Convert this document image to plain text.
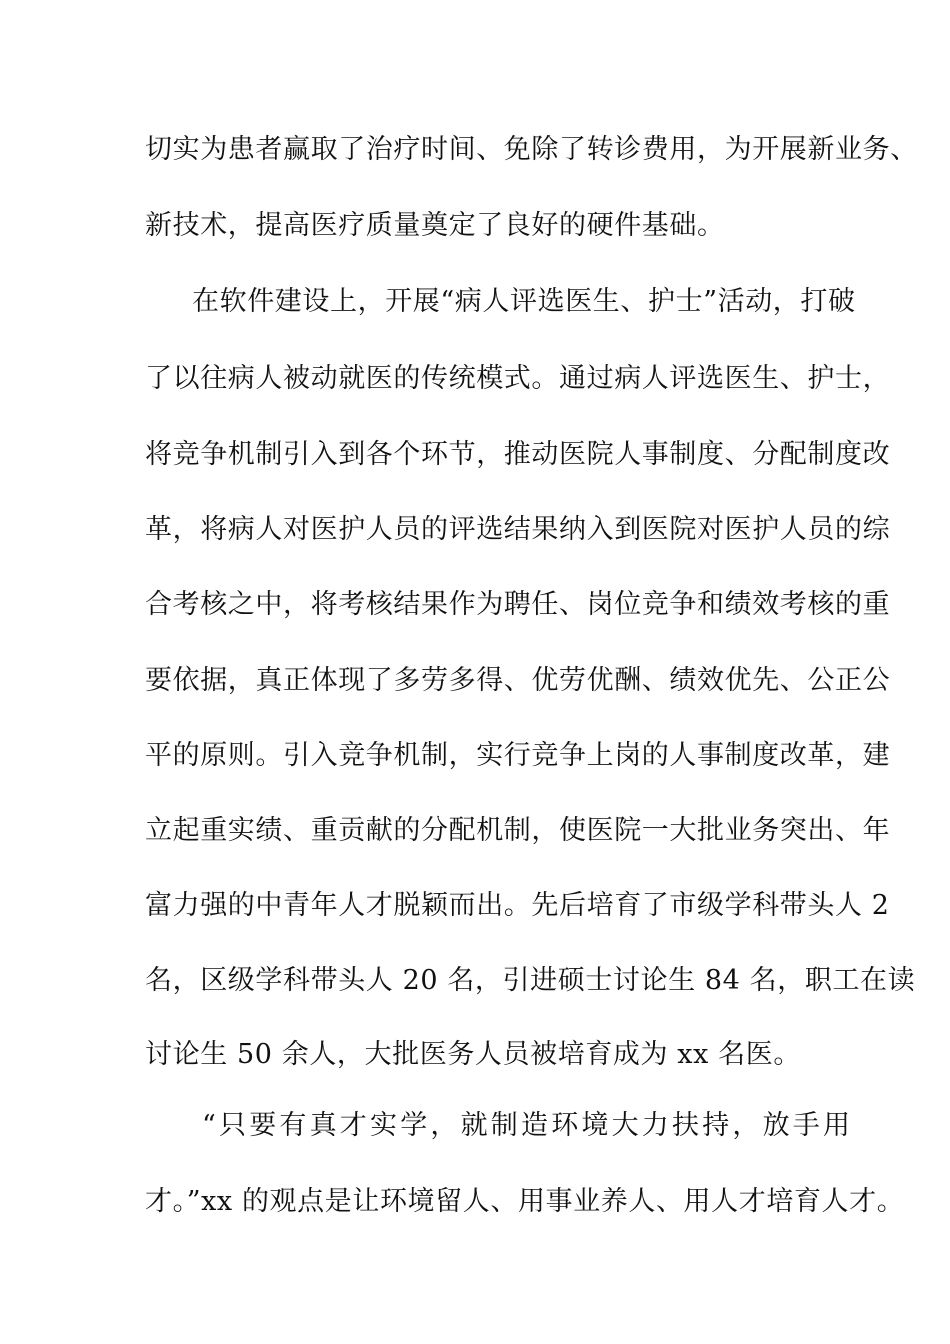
切实为患者赢取了治疗时间、免除了转诊费用，为开展新业务、
新技术，提高医疗质量奠定了良好的硬件基础。
在软件建设上，开展“病人评选医生、护士”活动，打破
了以往病人被动就医的传统模式。通过病人评选医生、护士，
将竞争机制引入到各个环节，推动医院人事制度、分配制度改
革，将病人对医护人员的评选结果纳入到医院对医护人员的综
合考核之中，将考核结果作为聘任、岗位竞争和绩效考核的重
要依据，真正体现了多劳多得、优劳优酬、绩效优先、公正公
平的原则。引入竞争机制，实行竞争上岗的人事制度改革，建
立起重实绩、重贡献的分配机制，使医院一大批业务突出、年
富力强的中青年人才脱颖而出。先后培育了市级学科带头人 2
名，区级学科带头人 20 名，引进硕士讨论生 84 名，职工在读
讨论生 50 余人，大批医务人员被培育成为 xx 名医。
“只要有真才实学，就制造环境大力扶持，放手用
才。”xx 的观点是让环境留人、用事业养人、用人才培育人才。
